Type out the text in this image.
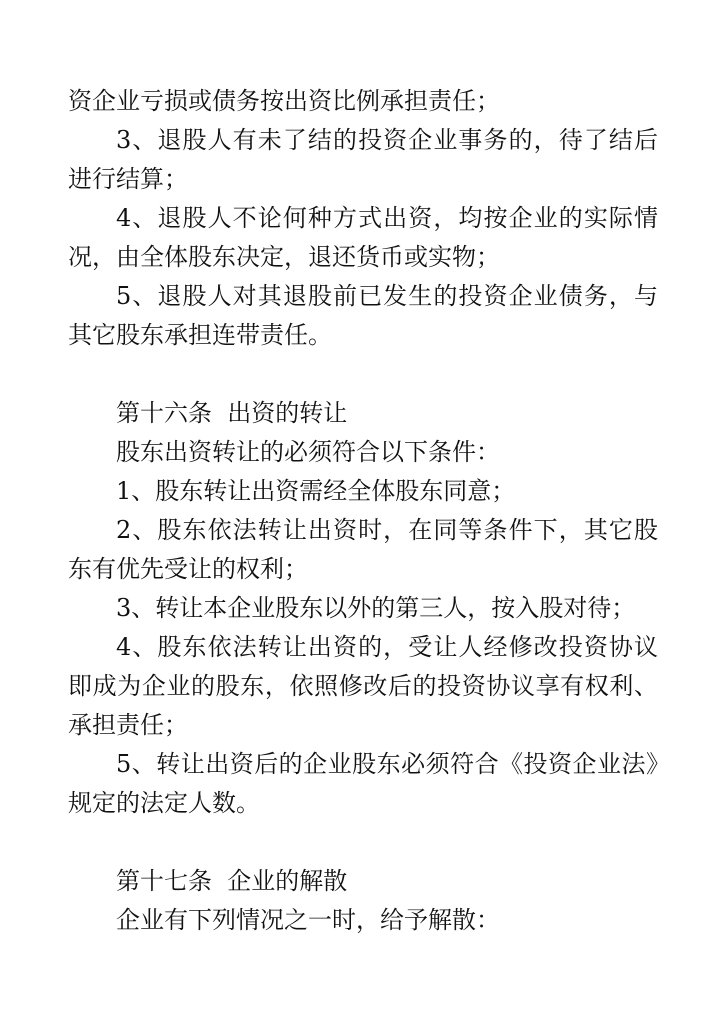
资企业亏损或债务按出资比例承担责任；

3、退股人有未了结的投资企业事务的，待了结后进行结算；

4、退股人不论何种方式出资，均按企业的实际情况，由全体股东决定，退还货币或实物；

5、退股人对其退股前已发生的投资企业债务，与其它股东承担连带责任。

第十六条  出资的转让

股东出资转让的必须符合以下条件：

1、股东转让出资需经全体股东同意；

2、股东依法转让出资时，在同等条件下，其它股东有优先受让的权利；

3、转让本企业股东以外的第三人，按入股对待；

4、股东依法转让出资的，受让人经修改投资协议即成为企业的股东，依照修改后的投资协议享有权利、承担责任；

5、转让出资后的企业股东必须符合《投资企业法》规定的法定人数。

第十七条  企业的解散

企业有下列情况之一时，给予解散：
